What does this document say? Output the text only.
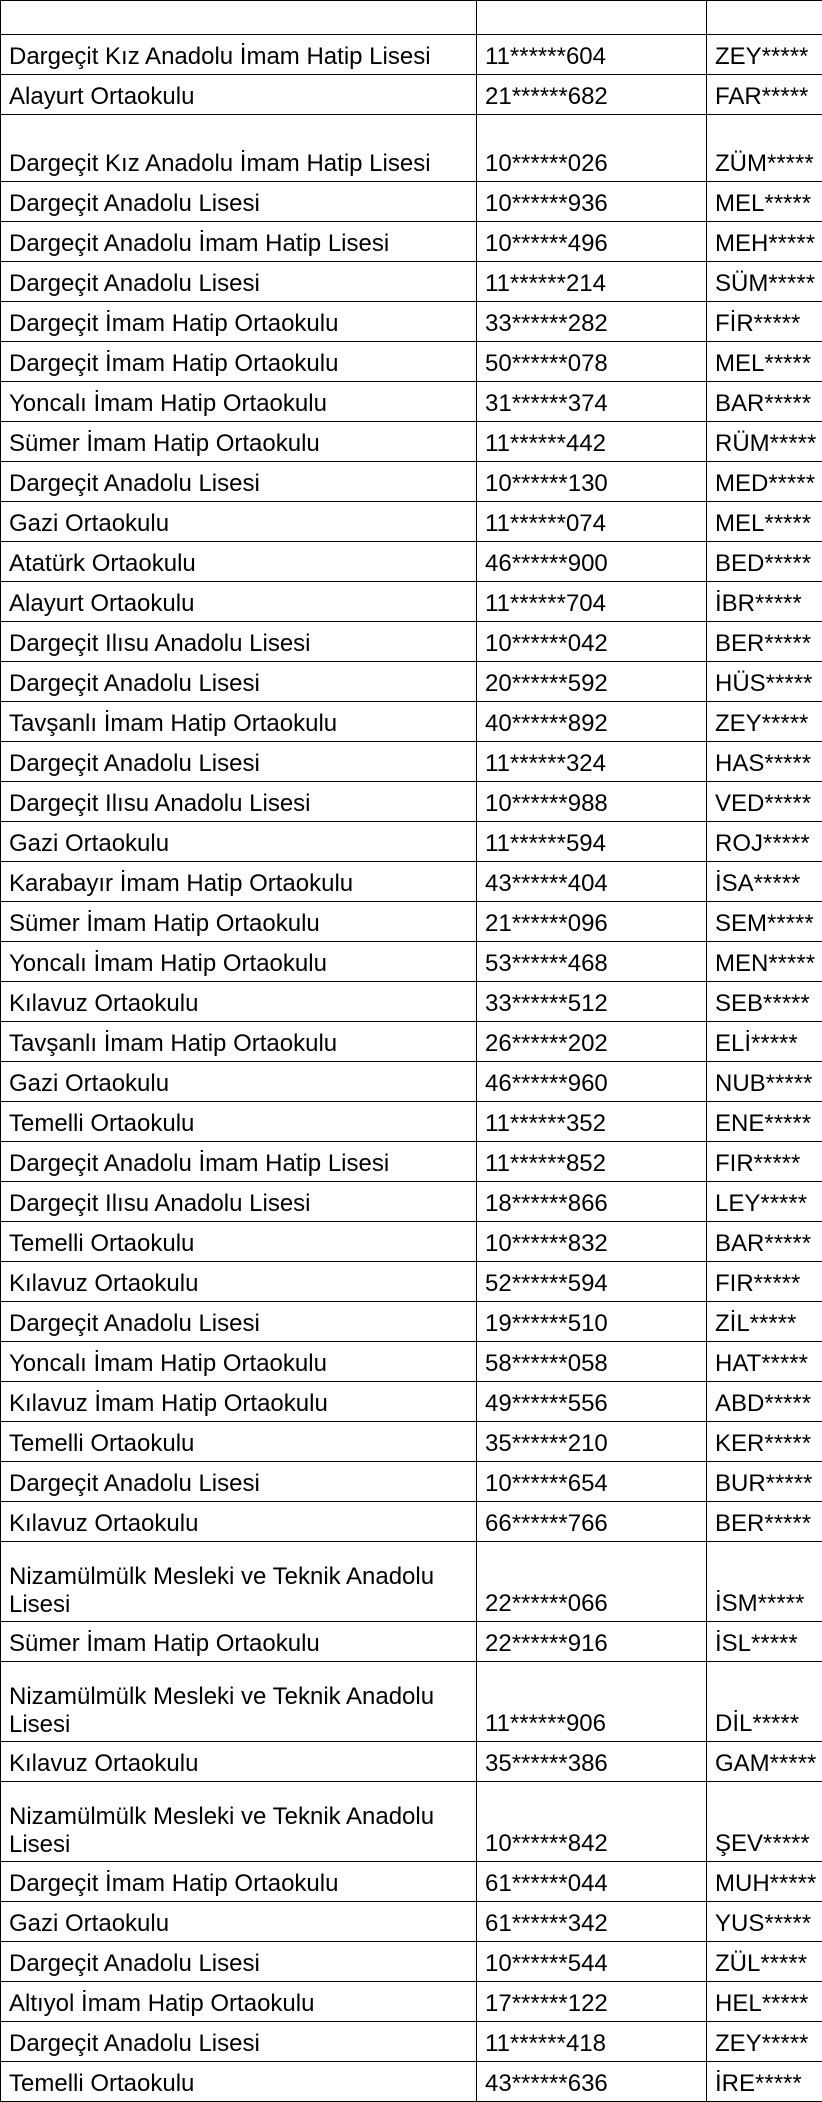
Dargeçit Kız Anadolu İmam Hatip Lisesi	11******604	ZEY*****

Alayurt Ortaokulu	21******682	FAR*****

Dargeçit Kız Anadolu İmam Hatip Lisesi	10******026	ZÜM*****

Dargeçit Anadolu Lisesi	10******936	MEL*****

Dargeçit Anadolu İmam Hatip Lisesi	10******496	MEH*****

Dargeçit Anadolu Lisesi	11******214	SÜM*****

Dargeçit İmam Hatip Ortaokulu	33******282	FİR*****

Dargeçit İmam Hatip Ortaokulu	50******078	MEL*****

Yoncalı İmam Hatip Ortaokulu	31******374	BAR*****

Sümer İmam Hatip Ortaokulu	11******442	RÜM*****

Dargeçit Anadolu Lisesi	10******130	MED*****

Gazi Ortaokulu	11******074	MEL*****

Atatürk Ortaokulu	46******900	BED*****

Alayurt Ortaokulu	11******704	İBR*****

Dargeçit Ilısu Anadolu Lisesi	10******042	BER*****

Dargeçit Anadolu Lisesi	20******592	HÜS*****

Tavşanlı İmam Hatip Ortaokulu	40******892	ZEY*****

Dargeçit Anadolu Lisesi	11******324	HAS*****

Dargeçit Ilısu Anadolu Lisesi	10******988	VED*****

Gazi Ortaokulu	11******594	ROJ*****

Karabayır İmam Hatip Ortaokulu	43******404	İSA*****

Sümer İmam Hatip Ortaokulu	21******096	SEM*****

Yoncalı İmam Hatip Ortaokulu	53******468	MEN*****

Kılavuz Ortaokulu	33******512	SEB*****

Tavşanlı İmam Hatip Ortaokulu	26******202	ELİ*****

Gazi Ortaokulu	46******960	NUB*****

Temelli Ortaokulu	11******352	ENE*****

Dargeçit Anadolu İmam Hatip Lisesi	11******852	FIR*****

Dargeçit Ilısu Anadolu Lisesi	18******866	LEY*****

Temelli Ortaokulu	10******832	BAR*****

Kılavuz Ortaokulu	52******594	FIR*****

Dargeçit Anadolu Lisesi	19******510	ZİL*****

Yoncalı İmam Hatip Ortaokulu	58******058	HAT*****

Kılavuz İmam Hatip Ortaokulu	49******556	ABD*****

Temelli Ortaokulu	35******210	KER*****

Dargeçit Anadolu Lisesi	10******654	BUR*****

Kılavuz Ortaokulu	66******766	BER*****

Nizamülmülk Mesleki ve Teknik Anadolu Lisesi	22******066	İSM*****

Sümer İmam Hatip Ortaokulu	22******916	İSL*****

Nizamülmülk Mesleki ve Teknik Anadolu Lisesi	11******906	DİL*****

Kılavuz Ortaokulu	35******386	GAM*****

Nizamülmülk Mesleki ve Teknik Anadolu Lisesi	10******842	ŞEV*****

Dargeçit İmam Hatip Ortaokulu	61******044	MUH*****

Gazi Ortaokulu	61******342	YUS*****

Dargeçit Anadolu Lisesi	10******544	ZÜL*****

Altıyol İmam Hatip Ortaokulu	17******122	HEL*****

Dargeçit Anadolu Lisesi	11******418	ZEY*****

Temelli Ortaokulu	43******636	İRE*****
